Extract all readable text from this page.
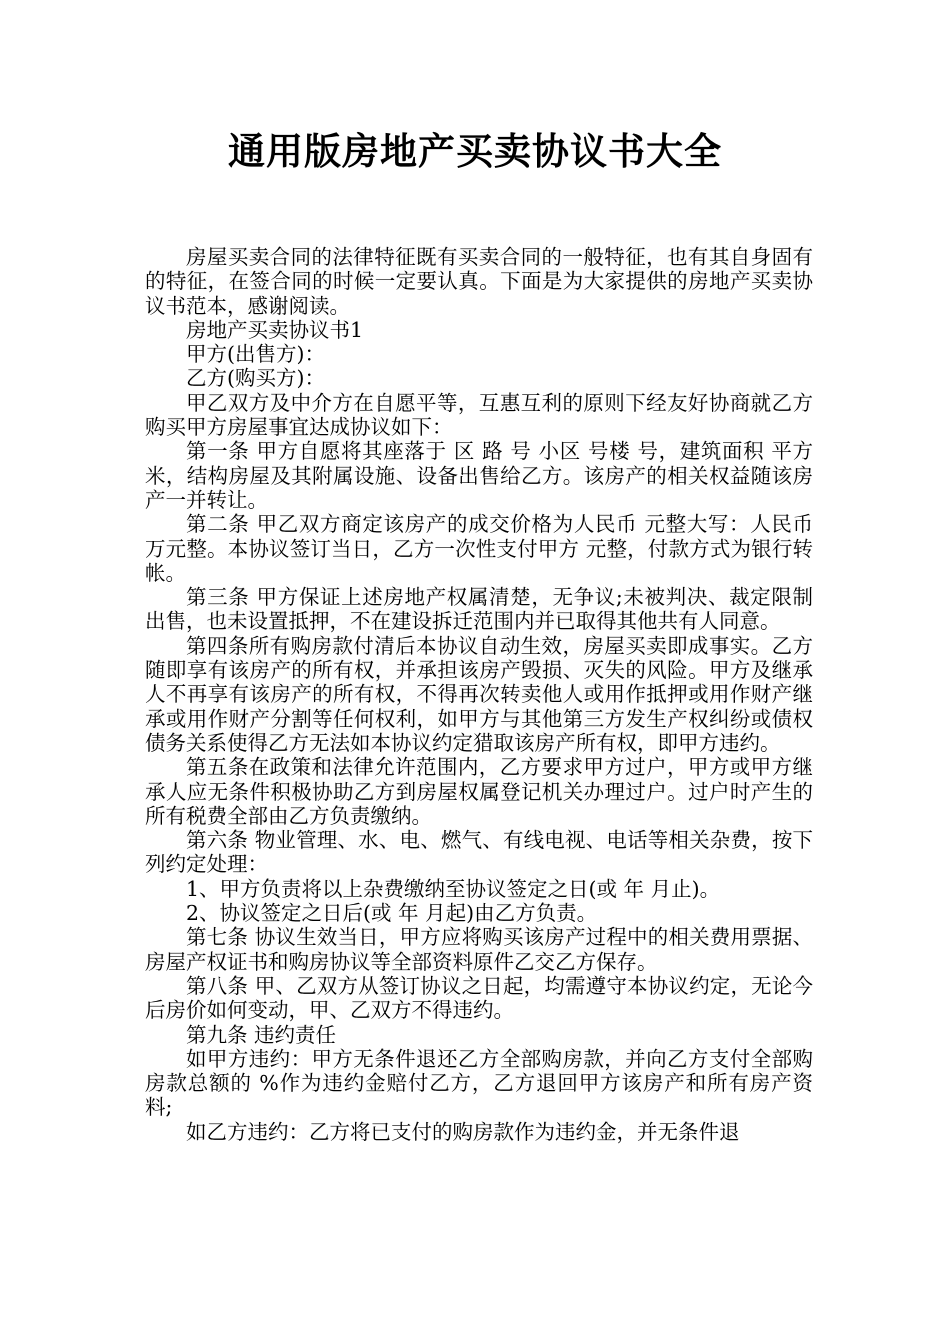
通用版房地产买卖协议书大全

房屋买卖合同的法律特征既有买卖合同的一般特征，也有其自身固有的特征，在签合同的时候一定要认真。下面是为大家提供的房地产买卖协议书范本，感谢阅读。

房地产买卖协议书1

甲方(出售方)：

乙方(购买方)：

甲乙双方及中介方在自愿平等，互惠互利的原则下经友好协商就乙方购买甲方房屋事宜达成协议如下：

第一条 甲方自愿将其座落于 区 路 号 小区 号楼 号，建筑面积 平方米，结构房屋及其附属设施、设备出售给乙方。该房产的相关权益随该房产一并转让。

第二条 甲乙双方商定该房产的成交价格为人民币 元整大写：人民币 万元整。本协议签订当日，乙方一次性支付甲方 元整，付款方式为银行转帐。

第三条 甲方保证上述房地产权属清楚，无争议;未被判决、裁定限制出售，也未设置抵押，不在建设拆迁范围内并已取得其他共有人同意。

第四条所有购房款付清后本协议自动生效，房屋买卖即成事实。乙方随即享有该房产的所有权，并承担该房产毁损、灭失的风险。甲方及继承人不再享有该房产的所有权，不得再次转卖他人或用作抵押或用作财产继承或用作财产分割等任何权利，如甲方与其他第三方发生产权纠纷或债权债务关系使得乙方无法如本协议约定猎取该房产所有权，即甲方违约。

第五条在政策和法律允许范围内，乙方要求甲方过户，甲方或甲方继承人应无条件积极协助乙方到房屋权属登记机关办理过户。过户时产生的所有税费全部由乙方负责缴纳。

第六条 物业管理、水、电、燃气、有线电视、电话等相关杂费，按下列约定处理：

1、甲方负责将以上杂费缴纳至协议签定之日(或 年 月止)。

2、协议签定之日后(或 年 月起)由乙方负责。

第七条 协议生效当日，甲方应将购买该房产过程中的相关费用票据、房屋产权证书和购房协议等全部资料原件乙交乙方保存。

第八条 甲、乙双方从签订协议之日起，均需遵守本协议约定，无论今后房价如何变动，甲、乙双方不得违约。

第九条 违约责任

如甲方违约：甲方无条件退还乙方全部购房款，并向乙方支付全部购房款总额的 %作为违约金赔付乙方，乙方退回甲方该房产和所有房产资料;

如乙方违约：乙方将已支付的购房款作为违约金，并无条件退
